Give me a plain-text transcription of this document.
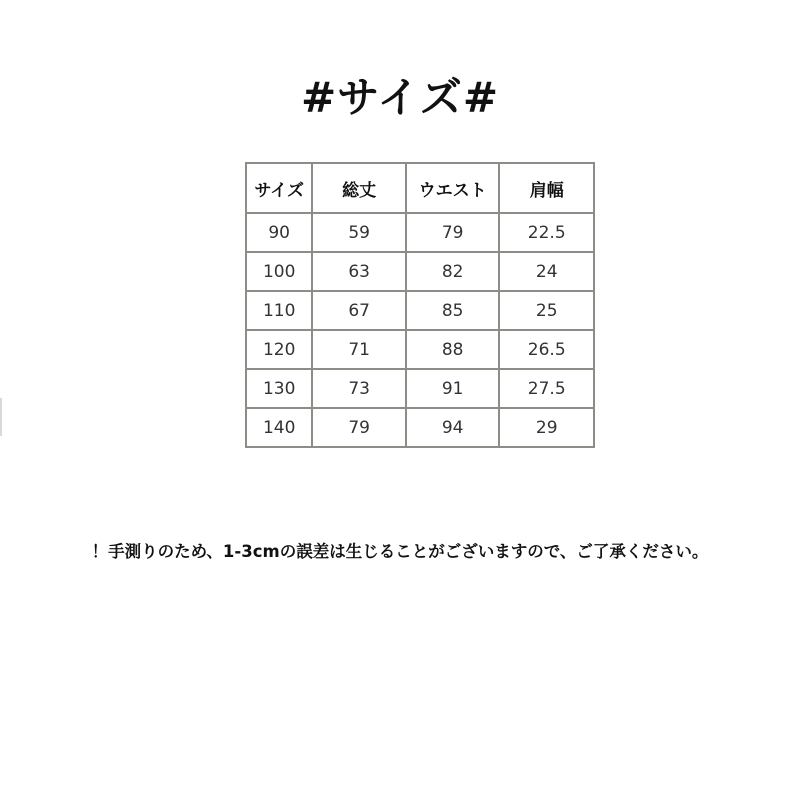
#サイズ#
サイズ	総丈	ウエスト	肩幅
90	59	79	22.5
100	63	82	24
110	67	85	25
120	71	88	26.5
130	73	91	27.5
140	79	94	29
！手測りのため、1-3cmの誤差は生じることがございますので、ご了承ください。
